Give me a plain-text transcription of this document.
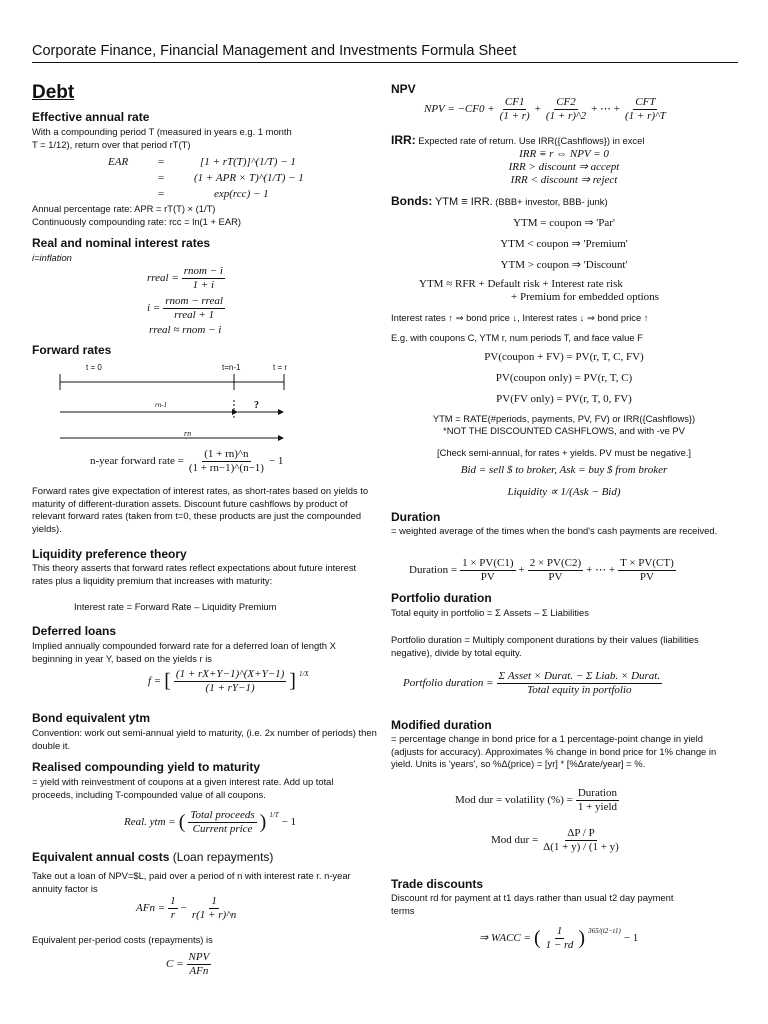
Corporate Finance, Financial Management and Investments Formula Sheet
Debt
Effective annual rate
With a compounding period T (measured in years e.g. 1 month
T = 1/12), return over that period rT(T)
EAR	=	[1 + rT(T)]^(1/T) − 1
=	(1 + APR × T)^(1/T) − 1
=	exp(rcc) − 1
Annual percentage rate: APR = rT(T) × (1/T)
Continuously compounding rate: rcc = ln(1 + EAR)
Real and nominal interest rates
i=inflation
rreal = $\frac{\text{rnom − i}}{1 + i}$
$i = \frac{\text{rnom − rreal}}{\text{rreal + 1}}$
rreal ≈ rnom − i
Forward rates
t = 0	t=n-1	t = r
rn-1	?
rn
n-year forward rate = $\frac{(1 + rn)\^{}n}{(1 + rn-1)\^{}(n-1)} - 1$
Forward rates give expectation of interest rates, as short-rates based on yields to maturity of different-duration assets. Discount future cashflows by product of relevant forward rates (taken from t=0, these products are just the compounded yields).
Liquidity preference theory
This theory asserts that forward rates reflect expectations about future interest rates plus a liquidity premium that increases with maturity:
Interest rate = Forward Rate – Liquidity Premium
Deferred loans
Implied annually compounded forward rate for a deferred loan of length X beginning in year Y, based on the yields r is
f = [ $\frac{(1 + rX+Y-1)\^{}(X+Y-1)}{(1 + rY-1)}$ ] $^{1/X}$
Bond equivalent ytm
Convention: work out semi-annual yield to maturity, (i.e. 2x number of periods) then double it.
Realised compounding yield to maturity
= yield with reinvestment of coupons at a given interest rate. Add up total proceeds, including T-compounded value of all coupons.
Real. ytm = ( $\frac{\text{Total proceeds}}{\text{Current price}}$ ) $^{1/T}$
− 1
Equivalent annual costs (Loan repayments)
Take out a loan of NPV=$L, paid over a period of n with interest rate r. n-year annuity factor is
AFn = $\frac{1}{r} - \frac{1}{r(1 + r)\^{}n}$
Equivalent per-period costs (repayments) is
$C = \frac{\text{NPV}}{\text{AFn}}$
NPV
NPV = $-CF0 + \frac{CF1}{(1 + r)} + \frac{CF2}{(1 + r)\^{}2}$ + ⋯ + $\frac{\text{CFT}}{(1 + r)\^{}T}$
IRR: Expected rate of return. Use IRR({Cashflows}) in excel
IRR ≡ r ⇔ NPV = 0
IRR > discount ⇒ accept
IRR < discount ⇒ reject
Bonds: YTM ≡ IRR. (BBB+ investor, BBB- junk)
YTM = coupon ⇒ 'Par'
YTM < coupon ⇒ 'Premium'
YTM > coupon ⇒ 'Discount'
YTM ≈ RFR + Default risk + Interest rate risk
+ Premium for embedded options
Interest rates ↑ ⇒ bond price ↓, Interest rates ↓ ⇒ bond price ↑
E.g. with coupons C, YTM r, num periods T, and face value F
PV(coupon + FV) = PV(r, T, C, FV)
PV(coupon only) = PV(r, T, C)
PV(FV only) = PV(r, T, 0, FV)
YTM = RATE(#periods, payments, PV, FV) or IRR({Cashflows})
*NOT THE DISCOUNTED CASHFLOWS, and with -ve PV
[Check semi-annual, for rates + yields. PV must be negative.]
Bid = sell $ to broker, Ask = buy $ from broker
Liquidity ∝ 1/(Ask − Bid)
Duration
= weighted average of the times when the bond's cash payments are received.
Duration = $\frac{1 \times PV(C1)}{PV} + \frac{2 \times PV(C2)}{PV}$ + ⋯ + $\frac{T \times PV(CT)}{PV}$
Portfolio duration
Total equity in portfolio = Σ Assets – Σ Liabilities
Portfolio duration = Multiply component durations by their values (liabilities negative), divide by total equity.
Portfolio duration = $\frac{\text{Σ Asset × Durat. − Σ Liab. × Durat.}}{\text{Total equity in portfolio}}$
Modified duration
= percentage change in bond price for a 1 percentage-point change in yield (adjusts for accuracy). Approximates % change in bond price for 1% change in yield. Units is 'years', so %Δ(price) = [yr] * [%Δrate/year] = %.
Mod dur = volatility (%) = $\frac{\text{Duration}}{\text{1 + yield}}$
Mod dur = $\frac{\Delta P / P}{\Delta(1 + y) / (1 + y)}$
Trade discounts
Discount rd for payment at t1 days rather than usual t2 day payment terms
⇒ WACC = ( $\frac{1}{1 - rd}$ ) $^{365/(t2-t1)}$
− 1
